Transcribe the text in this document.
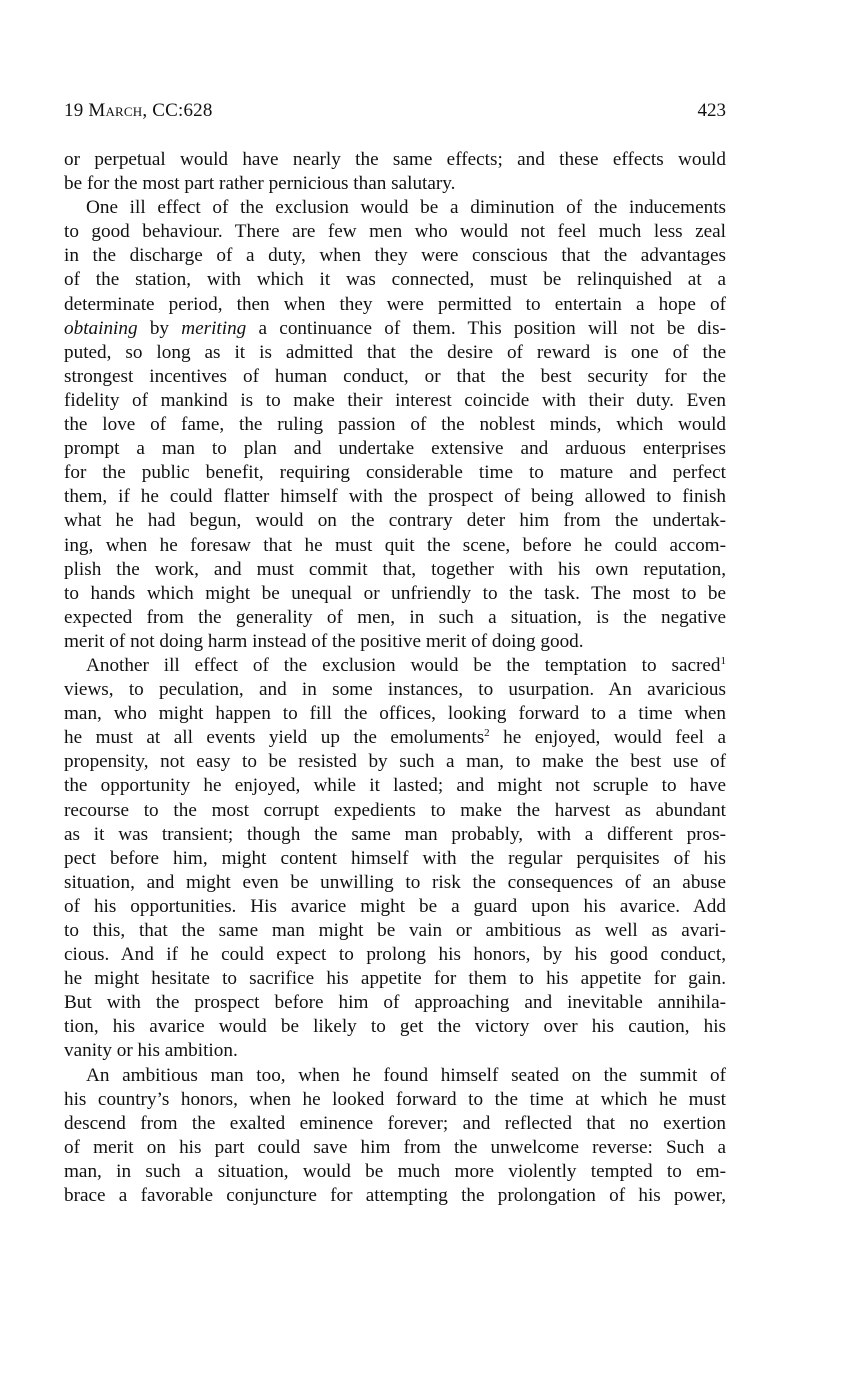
19 March, CC:628	423
or perpetual would have nearly the same effects; and these effects would
be for the most part rather pernicious than salutary.
One ill effect of the exclusion would be a diminution of the inducements
to good behaviour. There are few men who would not feel much less zeal
in the discharge of a duty, when they were conscious that the advantages
of the station, with which it was connected, must be relinquished at a
determinate period, then when they were permitted to entertain a hope of
obtaining by meriting a continuance of them. This position will not be dis-
puted, so long as it is admitted that the desire of reward is one of the
strongest incentives of human conduct, or that the best security for the
fidelity of mankind is to make their interest coincide with their duty. Even
the love of fame, the ruling passion of the noblest minds, which would
prompt a man to plan and undertake extensive and arduous enterprises
for the public benefit, requiring considerable time to mature and perfect
them, if he could flatter himself with the prospect of being allowed to finish
what he had begun, would on the contrary deter him from the undertak-
ing, when he foresaw that he must quit the scene, before he could accom-
plish the work, and must commit that, together with his own reputation,
to hands which might be unequal or unfriendly to the task. The most to be
expected from the generality of men, in such a situation, is the negative
merit of not doing harm instead of the positive merit of doing good.
Another ill effect of the exclusion would be the temptation to sacred$^1$
views, to peculation, and in some instances, to usurpation. An avaricious
man, who might happen to fill the offices, looking forward to a time when
he must at all events yield up the emoluments$^2$ he enjoyed, would feel a
propensity, not easy to be resisted by such a man, to make the best use of
the opportunity he enjoyed, while it lasted; and might not scruple to have
recourse to the most corrupt expedients to make the harvest as abundant
as it was transient; though the same man probably, with a different pros-
pect before him, might content himself with the regular perquisites of his
situation, and might even be unwilling to risk the consequences of an abuse
of his opportunities. His avarice might be a guard upon his avarice. Add
to this, that the same man might be vain or ambitious as well as avari-
cious. And if he could expect to prolong his honors, by his good conduct,
he might hesitate to sacrifice his appetite for them to his appetite for gain.
But with the prospect before him of approaching and inevitable annihila-
tion, his avarice would be likely to get the victory over his caution, his
vanity or his ambition.
An ambitious man too, when he found himself seated on the summit of
his country’s honors, when he looked forward to the time at which he must
descend from the exalted eminence forever; and reflected that no exertion
of merit on his part could save him from the unwelcome reverse: Such a
man, in such a situation, would be much more violently tempted to em-
brace a favorable conjuncture for attempting the prolongation of his power,
